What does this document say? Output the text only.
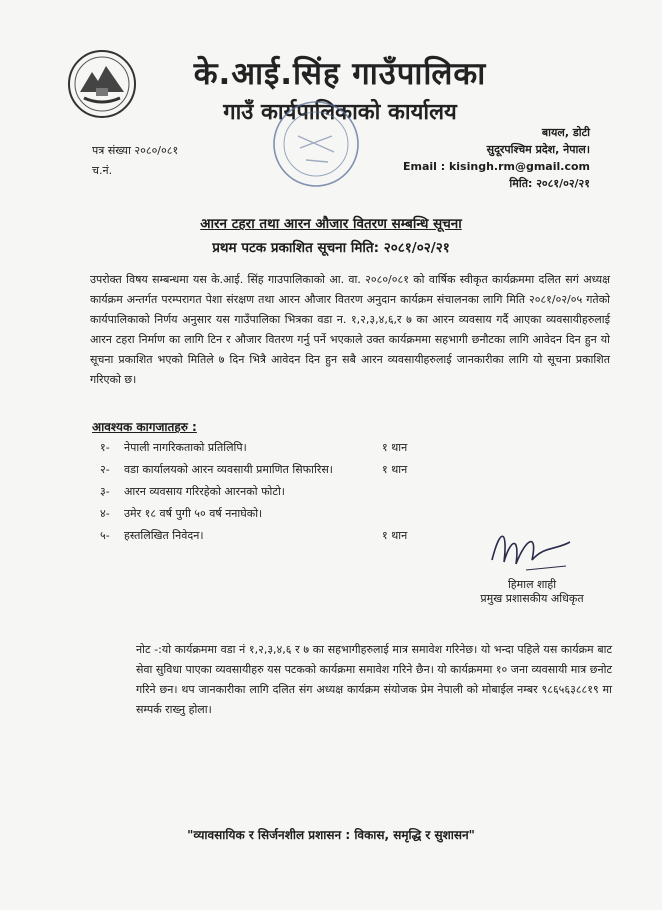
के.आई.सिंह गाउँपालिका
गाउँ कार्यपालिकाको कार्यालय
पत्र संख्या २०८०/०८१
च.नं.
बायल, डोटी
सुदूरपश्चिम प्रदेश, नेपाल।
Email : kisingh.rm@gmail.com
मिति: २०८१/०२/२१
आरन टहरा तथा आरन औजार वितरण सम्बन्धि सूचना
प्रथम पटक प्रकाशित सूचना मिति: २०८१/०२/२१
उपरोक्त विषय सम्बन्धमा यस के.आई. सिंह गाउपालिकाको आ. वा. २०८०/०८१ को वार्षिक स्वीकृत कार्यक्रममा दलित सगं अध्यक्ष कार्यक्रम अन्तर्गत परम्परागत पेशा संरक्षण तथा आरन औजार वितरण अनुदान कार्यक्रम संचालनका लागि मिति २०८१/०२/०५ गतेको कार्यपालिकाको निर्णय अनुसार यस गाउँपालिका भित्रका वडा न. १,२,३,४,६,र ७ का आरन व्यवसाय गर्दै आएका व्यवसायीहरुलाई आरन टहरा निर्माण का लागि टिन र औजार वितरण गर्नु पर्ने भएकाले उक्त कार्यक्रममा सहभागी छनौटका लागि आवेदन दिन हुन यो सूचना प्रकाशित भएको मितिले ७ दिन भित्रै आवेदन दिन हुन सबै आरन व्यवसायीहरुलाई जानकारीका लागि यो सूचना प्रकाशित गरिएको छ।
आवश्यक कागजातहरु :
१-	नेपाली नागरिकताको प्रतिलिपि।	१ थान
२-	वडा कार्यालयको आरन व्यवसायी प्रमाणित सिफारिस।	१ थान
३-	आरन व्यवसाय गरिरहेको आरनको फोटो।
४-	उमेर १८ वर्ष पुगी ५० वर्ष ननाघेको।
५-	हस्तलिखित निवेदन।	१ थान
हिमाल शाही
प्रमुख प्रशासकीय अधिकृत
नोट -:यो कार्यक्रममा वडा नं १,२,३,४,६ र ७ का सहभागीहरुलाई मात्र समावेश गरिनेछ। यो भन्दा पहिले यस कार्यक्रम बाट सेवा सुविधा पाएका व्यवसायीहरु यस पटकको कार्यक्रमा समावेश गरिने छैन। यो कार्यक्रममा १० जना व्यवसायी मात्र छनोट गरिने छन। थप जानकारीका लागि दलित संग अध्यक्ष कार्यक्रम संयोजक प्रेम नेपाली को मोबाईल नम्बर ९८६५६३८८१९ मा सम्पर्क राख्नु होला।
"व्यावसायिक र सिर्जनशील प्रशासन : विकास, समृद्धि र सुशासन"
